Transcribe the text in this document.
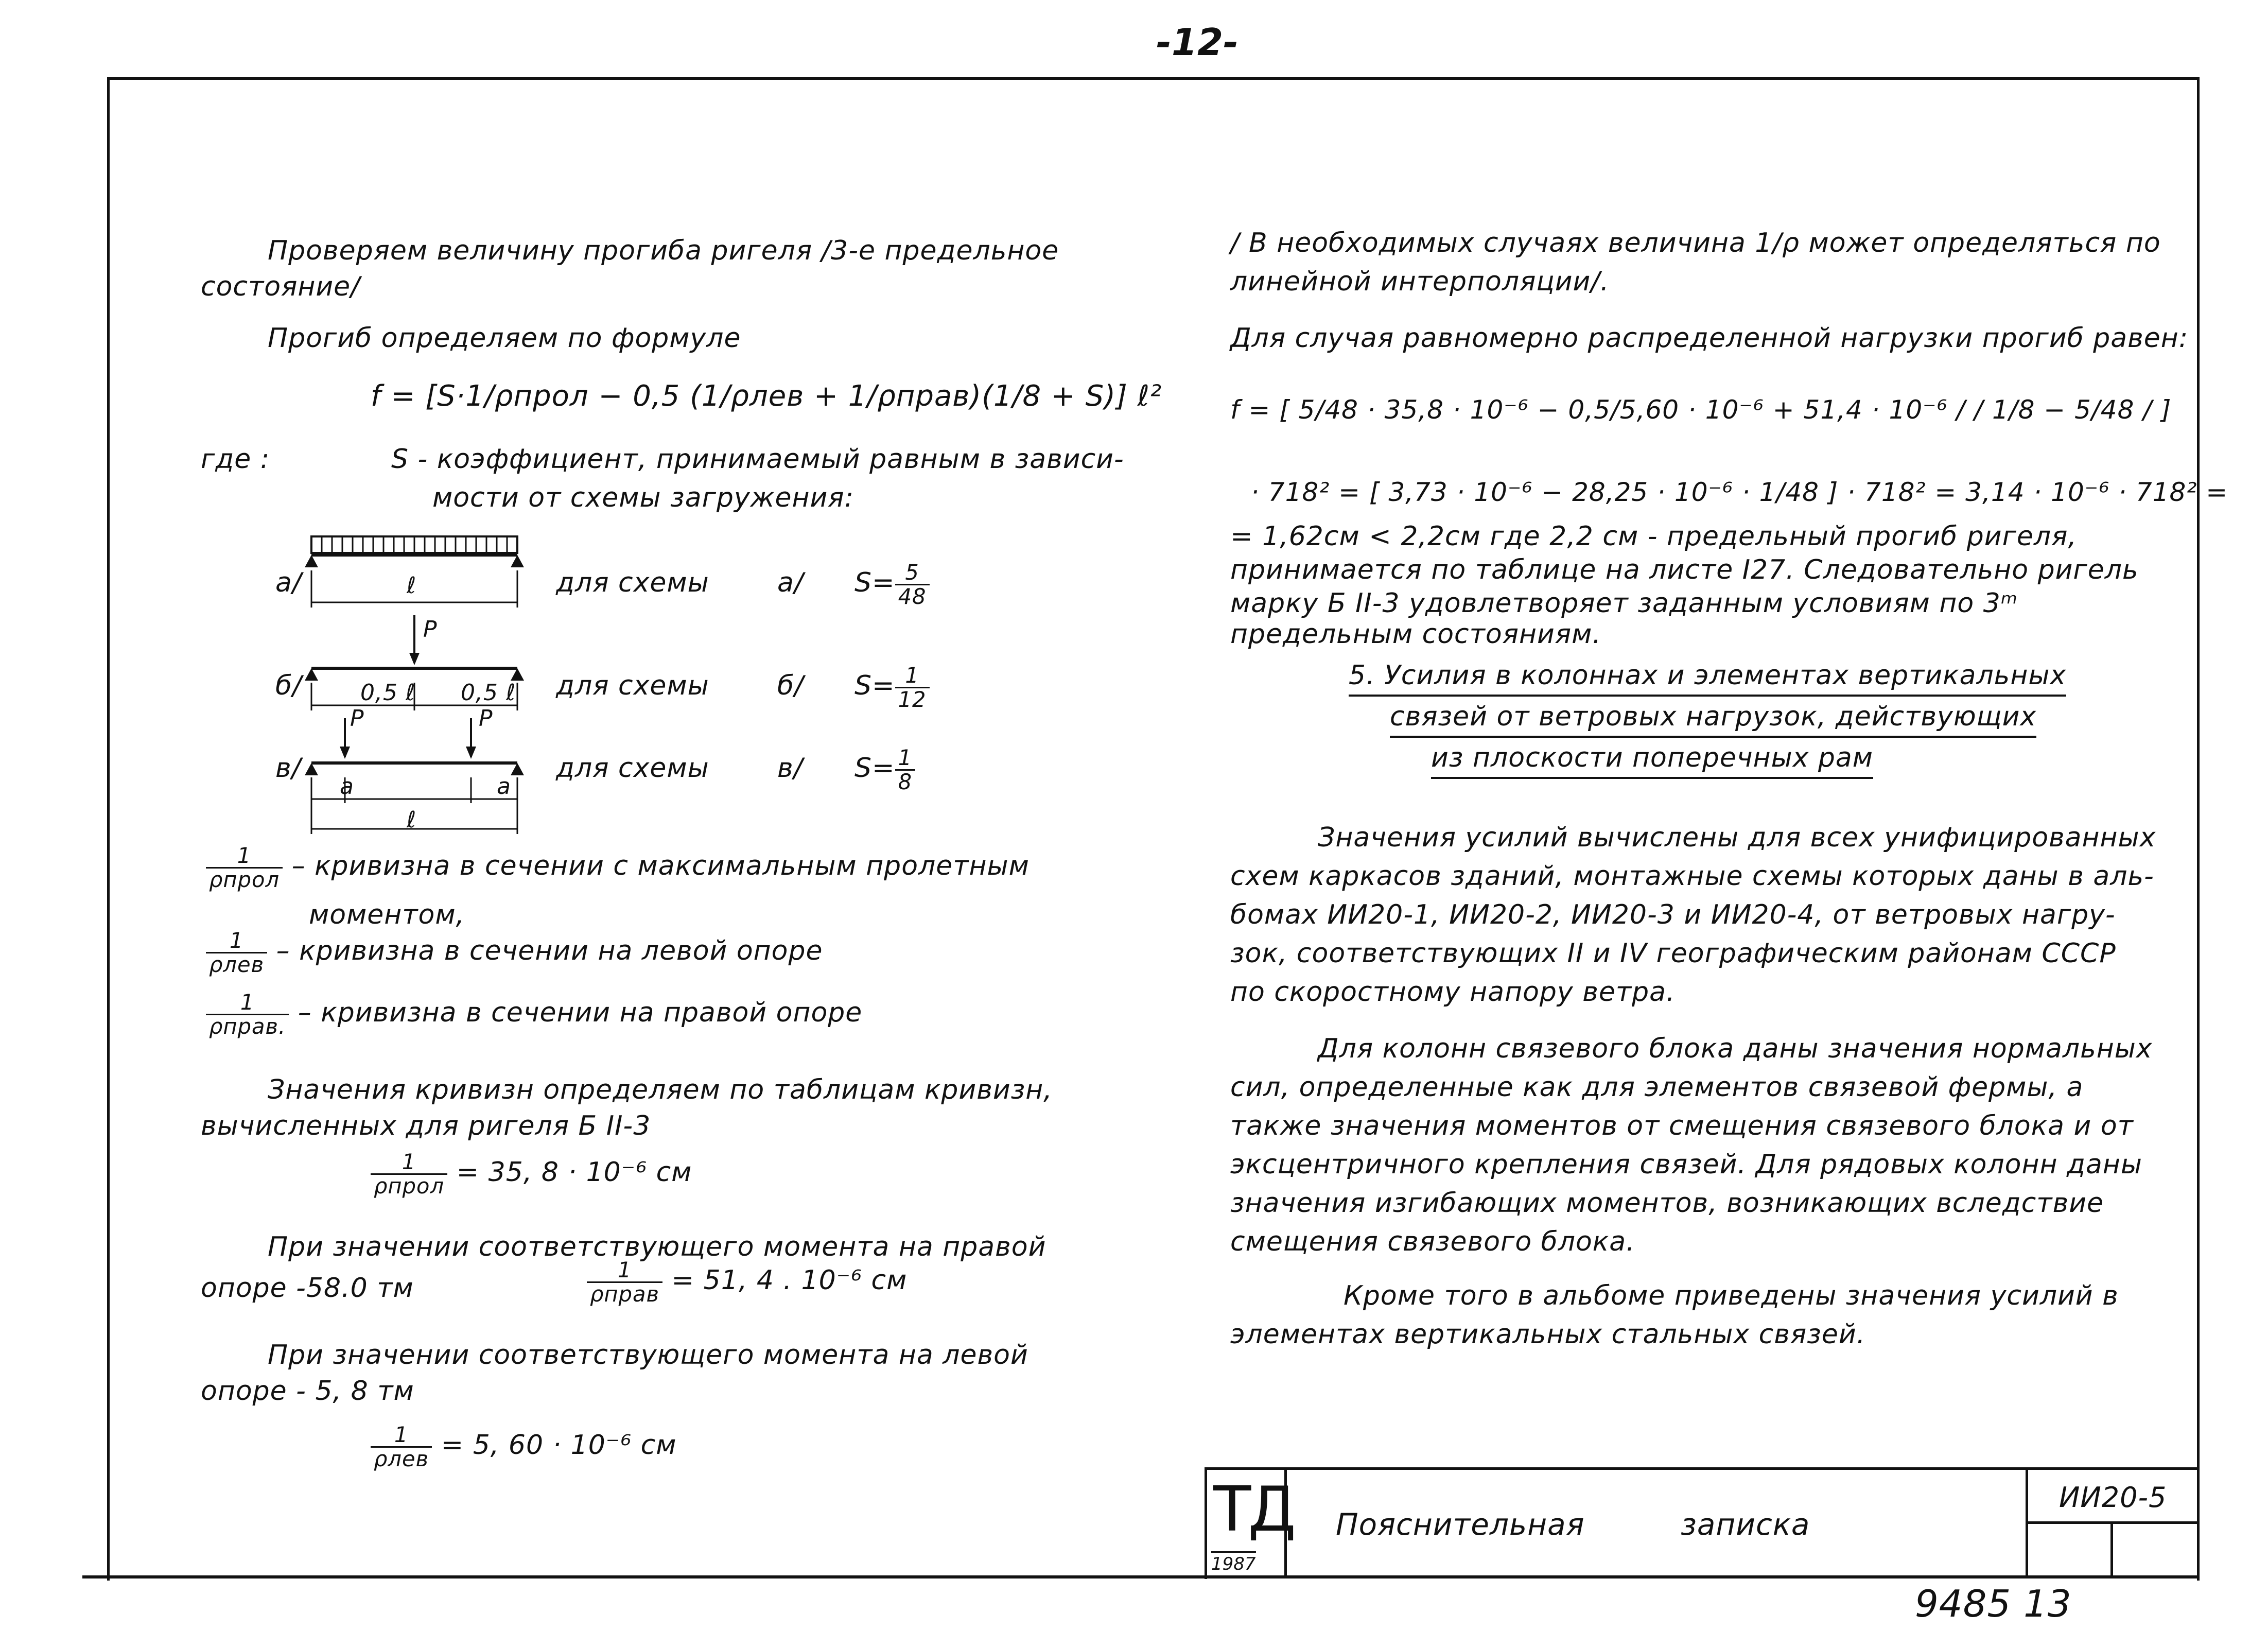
-12-
Проверяем величину прогиба ригеля /3-е предельное
состояние/
Прогиб определяем по формуле
f = [S·1/ρпрол − 0,5 (1/ρлев + 1/ρправ)(1/8 + S)] ℓ²
где :	S - коэффициент, принимаемый равным в зависи-
мости от схемы загружения:
ℓ
P
0,5 ℓ 0,5 ℓ
P	P
a	a
ℓ
а/	для схемы	а/ $S= \frac{5}{48}$
б/	для схемы	б/ $S= \frac{1}{12}$
в/	для схемы	в/ $S= \frac{1}{8}$
$\frac{1}{\text{ρпрол}}$ – кривизна в сечении с максимальным пролетным
моментом,
$\frac{1}{\text{ρлев}}$ – кривизна в сечении на левой опоре
$\frac{1}{\text{ρправ.}}$ – кривизна в сечении на правой опоре
Значения кривизн определяем по таблицам кривизн,
вычисленных для ригеля Б II-3
$\frac{1}{\text{ρпрол}} = 35$, 8 · 10⁻⁶ см
При значении соответствующего момента на правой
опоре -58.0 тм	$\frac{1}{\text{ρправ}} = 51$, 4 . 10⁻⁶ см
При значении соответствующего момента на левой
опоре - 5, 8 тм
$\frac{1}{\text{ρлев}} = 5$, 60 · 10⁻⁶ см
/ В необходимых случаях величина 1/ρ может определяться по
линейной интерполяции/.
Для случая равномерно распределенной нагрузки прогиб равен:
f = [ 5/48 · 35,8 · 10⁻⁶ − 0,5/5,60 · 10⁻⁶ + 51,4 · 10⁻⁶ / / 1/8 − 5/48 / ]
· 718² = [ 3,73 · 10⁻⁶ − 28,25 · 10⁻⁶ · 1/48 ] · 718² = 3,14 · 10⁻⁶ · 718² =
= 1,62см < 2,2см где 2,2 см - предельный прогиб ригеля,
принимается по таблице на листе I27. Следовательно ригель
марку Б II-3 удовлетворяет заданным условиям по 3ᵐ
предельным состояниям.
5. Усилия в колоннах и элементах вертикальных
связей от ветровых нагрузок, действующих
из плоскости поперечных рам
Значения усилий вычислены для всех унифицированных
схем каркасов зданий, монтажные схемы которых даны в аль-
бомах ИИ20-1, ИИ20-2, ИИ20-3 и ИИ20-4, от ветровых нагру-
зок, соответствующих II и IV географическим районам СССР
по скоростному напору ветра.
Для колонн связевого блока даны значения нормальных
сил, определенные как для элементов связевой фермы, а
также значения моментов от смещения связевого блока и от
эксцентричного крепления связей. Для рядовых колонн даны
значения изгибающих моментов, возникающих вследствие
смещения связевого блока.
Кроме того в альбоме приведены значения усилий в
элементах вертикальных стальных связей.
ТД
1987
Пояснительная	записка
ИИ20-5
9485 13
